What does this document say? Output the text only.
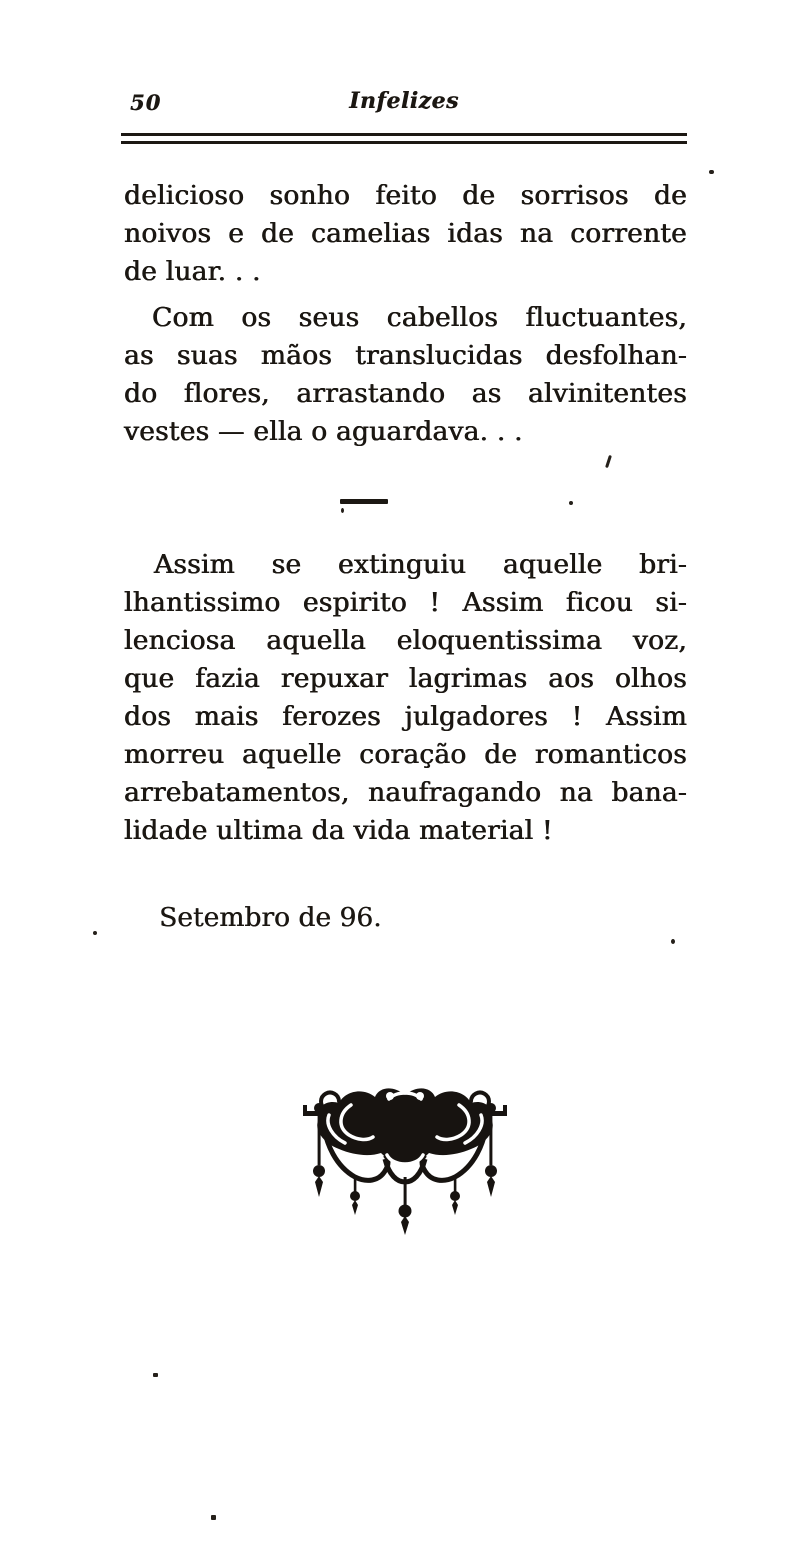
50	Infelizes
delicioso sonho feito de sorrisos de
noivos e de camelias idas na corrente
de luar. . .
Com os seus cabellos fluctuantes,
as suas mãos translucidas desfolhan-
do flores, arrastando as alvinitentes
vestes — ella o aguardava. . .
Assim se extinguiu aquelle bri-
lhantissimo espirito ! Assim ficou si-
lenciosa aquella eloquentissima voz,
que fazia repuxar lagrimas aos olhos
dos mais ferozes julgadores ! Assim
morreu aquelle coração de romanticos
arrebatamentos, naufragando na bana-
lidade ultima da vida material !
Setembro de 96.
